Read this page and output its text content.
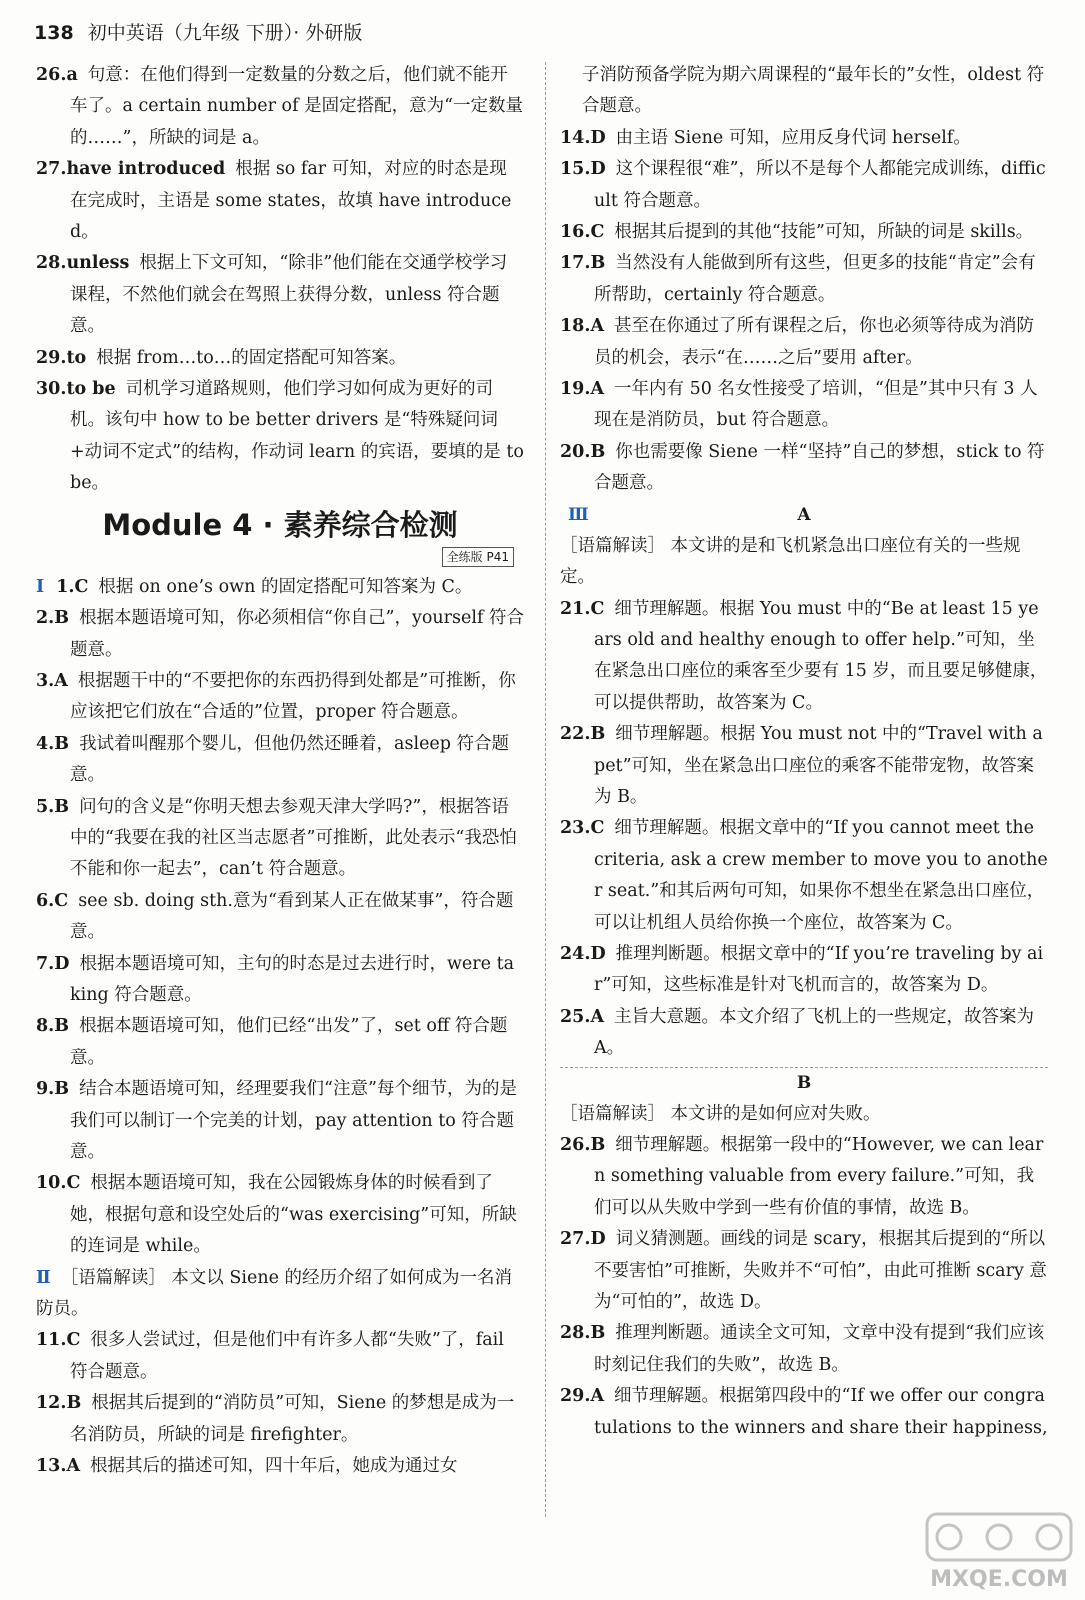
138 初中英语（九年级 下册）· 外研版

26.a 句意：在他们得到一定数量的分数之后，他们就不能开车了。a certain number of 是固定搭配，意为“一定数量的……”，所缺的词是 a。

27.have introduced 根据 so far 可知，对应的时态是现在完成时，主语是 some states，故填 have introduced。

28.unless 根据上下文可知，“除非”他们能在交通学校学习课程，不然他们就会在驾照上获得分数，unless 符合题意。

29.to 根据 from…to…的固定搭配可知答案。

30.to be 司机学习道路规则，他们学习如何成为更好的司机。该句中 how to be better drivers 是“特殊疑问词+动词不定式”的结构，作动词 learn 的宾语，要填的是 to be。

Module 4 · 素养综合检测
全练版 P41

Ⅰ 1.C 根据 on one’s own 的固定搭配可知答案为 C。

2.B 根据本题语境可知，你必须相信“你自己”，yourself 符合题意。

3.A 根据题干中的“不要把你的东西扔得到处都是”可推断，你应该把它们放在“合适的”位置，proper 符合题意。

4.B 我试着叫醒那个婴儿，但他仍然还睡着，asleep 符合题意。

5.B 问句的含义是“你明天想去参观天津大学吗?”，根据答语中的“我要在我的社区当志愿者”可推断，此处表示“我恐怕不能和你一起去”，can’t 符合题意。

6.C see sb. doing sth.意为“看到某人正在做某事”，符合题意。

7.D 根据本题语境可知，主句的时态是过去进行时，were taking 符合题意。

8.B 根据本题语境可知，他们已经“出发”了，set off 符合题意。

9.B 结合本题语境可知，经理要我们“注意”每个细节，为的是我们可以制订一个完美的计划，pay attention to 符合题意。

10.C 根据本题语境可知，我在公园锻炼身体的时候看到了她，根据句意和设空处后的“was exercising”可知，所缺的连词是 while。

Ⅱ ［语篇解读］ 本文以 Siene 的经历介绍了如何成为一名消防员。

11.C 很多人尝试过，但是他们中有许多人都“失败”了，fail 符合题意。

12.B 根据其后提到的“消防员”可知，Siene 的梦想是成为一名消防员，所缺的词是 firefighter。

13.A 根据其后的描述可知，四十年后，她成为通过女

子消防预备学院为期六周课程的“最年长的”女性，oldest 符合题意。

14.D 由主语 Siene 可知，应用反身代词 herself。

15.D 这个课程很“难”，所以不是每个人都能完成训练，difficult 符合题意。

16.C 根据其后提到的其他“技能”可知，所缺的词是 skills。

17.B 当然没有人能做到所有这些，但更多的技能“肯定”会有所帮助，certainly 符合题意。

18.A 甚至在你通过了所有课程之后，你也必须等待成为消防员的机会，表示“在……之后”要用 after。

19.A 一年内有 50 名女性接受了培训，“但是”其中只有 3 人现在是消防员，but 符合题意。

20.B 你也需要像 Siene 一样“坚持”自己的梦想，stick to 符合题意。

Ⅲ	A

［语篇解读］ 本文讲的是和飞机紧急出口座位有关的一些规定。

21.C 细节理解题。根据 You must 中的“Be at least 15 years old and healthy enough to offer help.”可知，坐在紧急出口座位的乘客至少要有 15 岁，而且要足够健康，可以提供帮助，故答案为 C。

22.B 细节理解题。根据 You must not 中的“Travel with a pet”可知，坐在紧急出口座位的乘客不能带宠物，故答案为 B。

23.C 细节理解题。根据文章中的“If you cannot meet the criteria, ask a crew member to move you to another seat.”和其后两句可知，如果你不想坐在紧急出口座位，可以让机组人员给你换一个座位，故答案为 C。

24.D 推理判断题。根据文章中的“If you’re traveling by air”可知，这些标准是针对飞机而言的，故答案为 D。

25.A 主旨大意题。本文介绍了飞机上的一些规定，故答案为 A。

B

［语篇解读］ 本文讲的是如何应对失败。

26.B 细节理解题。根据第一段中的“However, we can learn something valuable from every failure.”可知，我们可以从失败中学到一些有价值的事情，故选 B。

27.D 词义猜测题。画线的词是 scary，根据其后提到的“所以不要害怕”可推断，失败并不“可怕”，由此可推断 scary 意为“可怕的”，故选 D。

28.B 推理判断题。通读全文可知，文章中没有提到“我们应该时刻记住我们的失败”，故选 B。

29.A 细节理解题。根据第四段中的“If we offer our congratulations to the winners and share their happiness,

MXQE.COM
